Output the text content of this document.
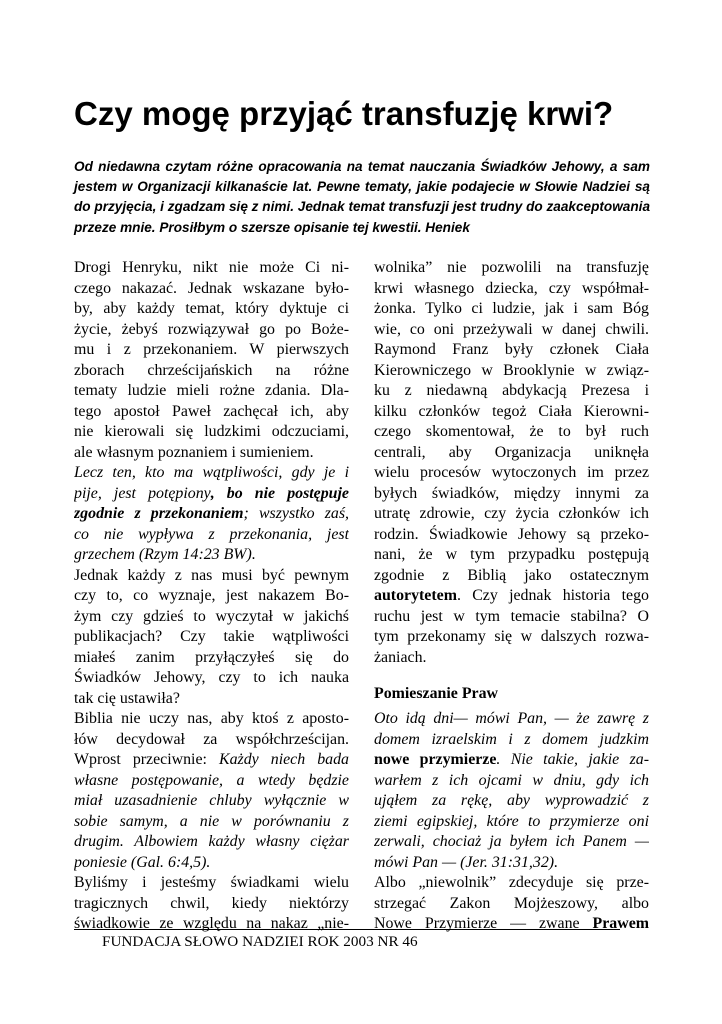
Czy mogę przyjąć transfuzję krwi?

Od niedawna czytam różne opracowania na temat nauczania Świadków Jehowy, a sam jestem w Organizacji kilkanaście lat. Pewne tematy, jakie podajecie w Słowie Nadziei są do przyjęcia, i zgadzam się z nimi. Jednak temat transfuzji jest trudny do zaakceptowania przeze mnie. Prosiłbym o szersze opisanie tej kwestii. Heniek

Drogi Henryku, nikt nie może Ci ni-
czego nakazać. Jednak wskazane było-
by, aby każdy temat, który dyktuje ci
życie, żebyś rozwiązywał go po Boże-
mu i z przekonaniem. W pierwszych
zborach chrześcijańskich na różne
tematy ludzie mieli rożne zdania. Dla-
tego apostoł Paweł zachęcał ich, aby
nie kierowali się ludzkimi odczuciami,
ale własnym poznaniem i sumieniem.
Lecz ten, kto ma wątpliwości, gdy je i
pije, jest potępiony, bo nie postępuje
zgodnie z przekonaniem; wszystko zaś,
co nie wypływa z przekonania, jest
grzechem (Rzym 14:23 BW).
Jednak każdy z nas musi być pewnym
czy to, co wyznaje, jest nakazem Bo-
żym czy gdzieś to wyczytał w jakichś
publikacjach? Czy takie wątpliwości
miałeś zanim przyłączyłeś się do
Świadków Jehowy, czy to ich nauka
tak cię ustawiła?
Biblia nie uczy nas, aby ktoś z aposto-
łów decydował za współchrześcijan.
Wprost przeciwnie: Każdy niech bada
własne postępowanie, a wtedy będzie
miał uzasadnienie chluby wyłącznie w
sobie samym, a nie w porównaniu z
drugim. Albowiem każdy własny ciężar
poniesie (Gal. 6:4,5).
Byliśmy i jesteśmy świadkami wielu
tragicznych chwil, kiedy niektórzy
świadkowie ze względu na nakaz „nie-
wolnika” nie pozwolili na transfuzję
krwi własnego dziecka, czy współmał-
żonka. Tylko ci ludzie, jak i sam Bóg
wie, co oni przeżywali w danej chwili.
Raymond Franz były członek Ciała
Kierowniczego w Brooklynie w związ-
ku z niedawną abdykacją Prezesa i
kilku członków tegoż Ciała Kierowni-
czego skomentował, że to był ruch
centrali, aby Organizacja uniknęła
wielu procesów wytoczonych im przez
byłych świadków, między innymi za
utratę zdrowie, czy życia członków ich
rodzin. Świadkowie Jehowy są przeko-
nani, że w tym przypadku postępują
zgodnie z Biblią jako ostatecznym
autorytetem. Czy jednak historia tego
ruchu jest w tym temacie stabilna? O
tym przekonamy się w dalszych rozwa-
żaniach.
Pomieszanie Praw
Oto idą dni— mówi Pan, — że zawrę z
domem izraelskim i z domem judzkim
nowe przymierze. Nie takie, jakie za-
warłem z ich ojcami w dniu, gdy ich
ująłem za rękę, aby wyprowadzić z
ziemi egipskiej, które to przymierze oni
zerwali, chociaż ja byłem ich Panem —
mówi Pan — (Jer. 31:31,32).
Albo „niewolnik” zdecyduje się prze-
strzegać Zakon Mojżeszowy, albo
Nowe Przymierze — zwane Prawem
FUNDACJA SŁOWO NADZIEI ROK 2003 NR 46
